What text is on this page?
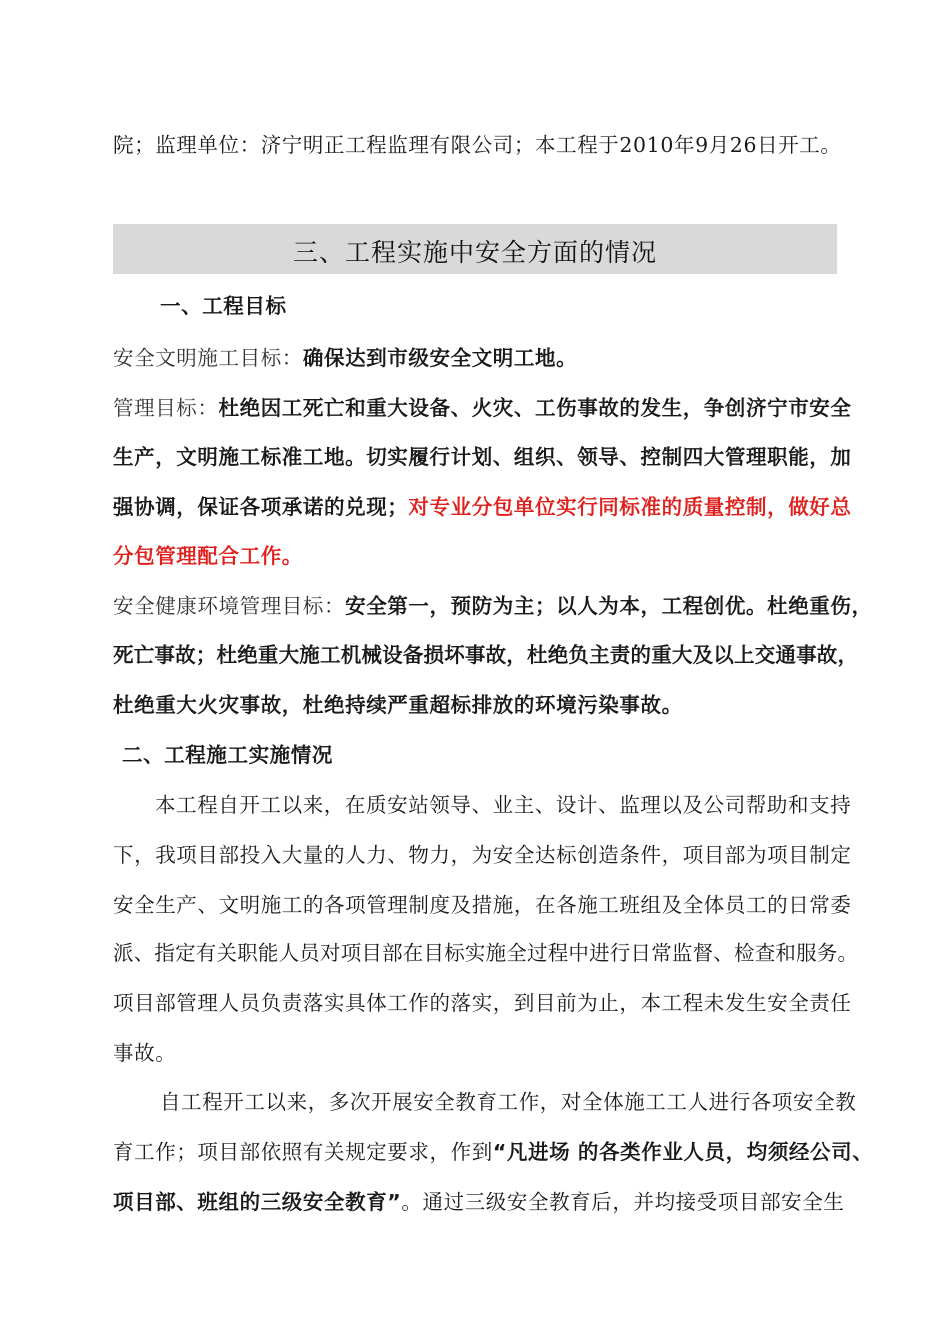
院；监理单位：济宁明正工程监理有限公司；本工程于2010年9月26日开工。
三、工程实施中安全方面的情况
一、工程目标
安全文明施工目标：确保达到市级安全文明工地。
管理目标：杜绝因工死亡和重大设备、火灾、工伤事故的发生，争创济宁市安全
生产，文明施工标准工地。切实履行计划、组织、领导、控制四大管理职能，加
强协调，保证各项承诺的兑现；对专业分包单位实行同标准的质量控制，做好总
分包管理配合工作。
安全健康环境管理目标：安全第一，预防为主；以人为本，工程创优。杜绝重伤，
死亡事故；杜绝重大施工机械设备损坏事故，杜绝负主责的重大及以上交通事故，
杜绝重大火灾事故，杜绝持续严重超标排放的环境污染事故。
二、工程施工实施情况
本工程自开工以来，在质安站领导、业主、设计、监理以及公司帮助和支持
下，我项目部投入大量的人力、物力，为安全达标创造条件，项目部为项目制定
安全生产、文明施工的各项管理制度及措施，在各施工班组及全体员工的日常委
派、指定有关职能人员对项目部在目标实施全过程中进行日常监督、检查和服务。
项目部管理人员负责落实具体工作的落实，到目前为止，本工程未发生安全责任
事故。
自工程开工以来，多次开展安全教育工作，对全体施工工人进行各项安全教
育工作；项目部依照有关规定要求，作到“凡进场 的各类作业人员，均须经公司、
项目部、班组的三级安全教育”。通过三级安全教育后，并均接受项目部安全生
